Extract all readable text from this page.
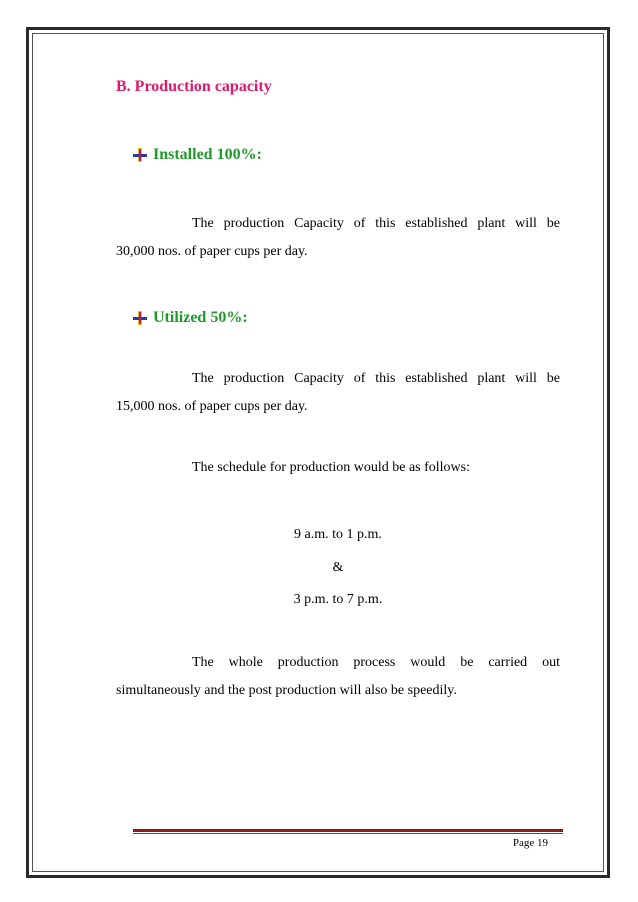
B. Production capacity
Installed 100%:
The production Capacity of this established plant will be
30,000 nos. of paper cups per day.
Utilized 50%:
The production Capacity of this established plant will be
15,000 nos. of paper cups per day.
The schedule for production would be as follows:
9 a.m. to 1 p.m.
&
3 p.m. to 7 p.m.
The whole production process would be carried out
simultaneously and the post production will also be speedily.
Page 19
